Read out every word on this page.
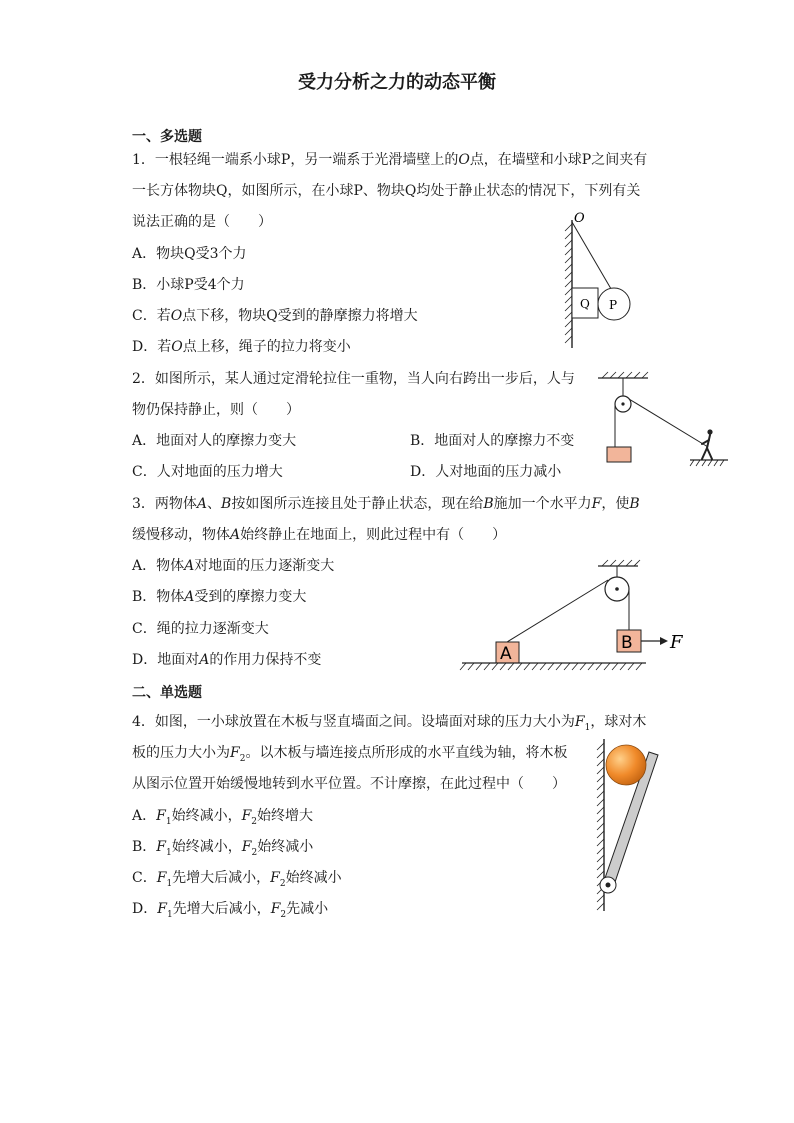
受力分析之力的动态平衡
一、多选题
1．一根轻绳一端系小球P，另一端系于光滑墙壁上的O点，在墙壁和小球P之间夹有
一长方体物块Q，如图所示，在小球P、物块Q均处于静止状态的情况下，下列有关
说法正确的是（　　）
A．物块Q受3个力
B．小球P受4个力
C．若O点下移，物块Q受到的静摩擦力将增大
D．若O点上移，绳子的拉力将变小
O
Q P
2．如图所示，某人通过定滑轮拉住一重物，当人向右跨出一步后，人与
物仍保持静止，则（　　）
A．地面对人的摩擦力变大	B．地面对人的摩擦力不变
C．人对地面的压力增大	D．人对地面的压力减小
3．两物体A、B按如图所示连接且处于静止状态，现在给B施加一个水平力F，使B
缓慢移动，物体A始终静止在地面上，则此过程中有（　　）
A．物体A对地面的压力逐渐变大
B．物体A受到的摩擦力变大
C．绳的拉力逐渐变大
D．地面对A的作用力保持不变	A
B F
二、单选题
4．如图，一小球放置在木板与竖直墙面之间。设墙面对球的压力大小为$F_1$，球对木
板的压力大小为$F_2$。以木板与墙连接点所形成的水平直线为轴，将木板
从图示位置开始缓慢地转到水平位置。不计摩擦，在此过程中（　　）
A．$F_1$始终减小，$F_2$始终增大
B．$F_1$始终减小，$F_2$始终减小
C．$F_1$先增大后减小，$F_2$始终减小
D．$F_1$先增大后减小，$F_2$先减小
